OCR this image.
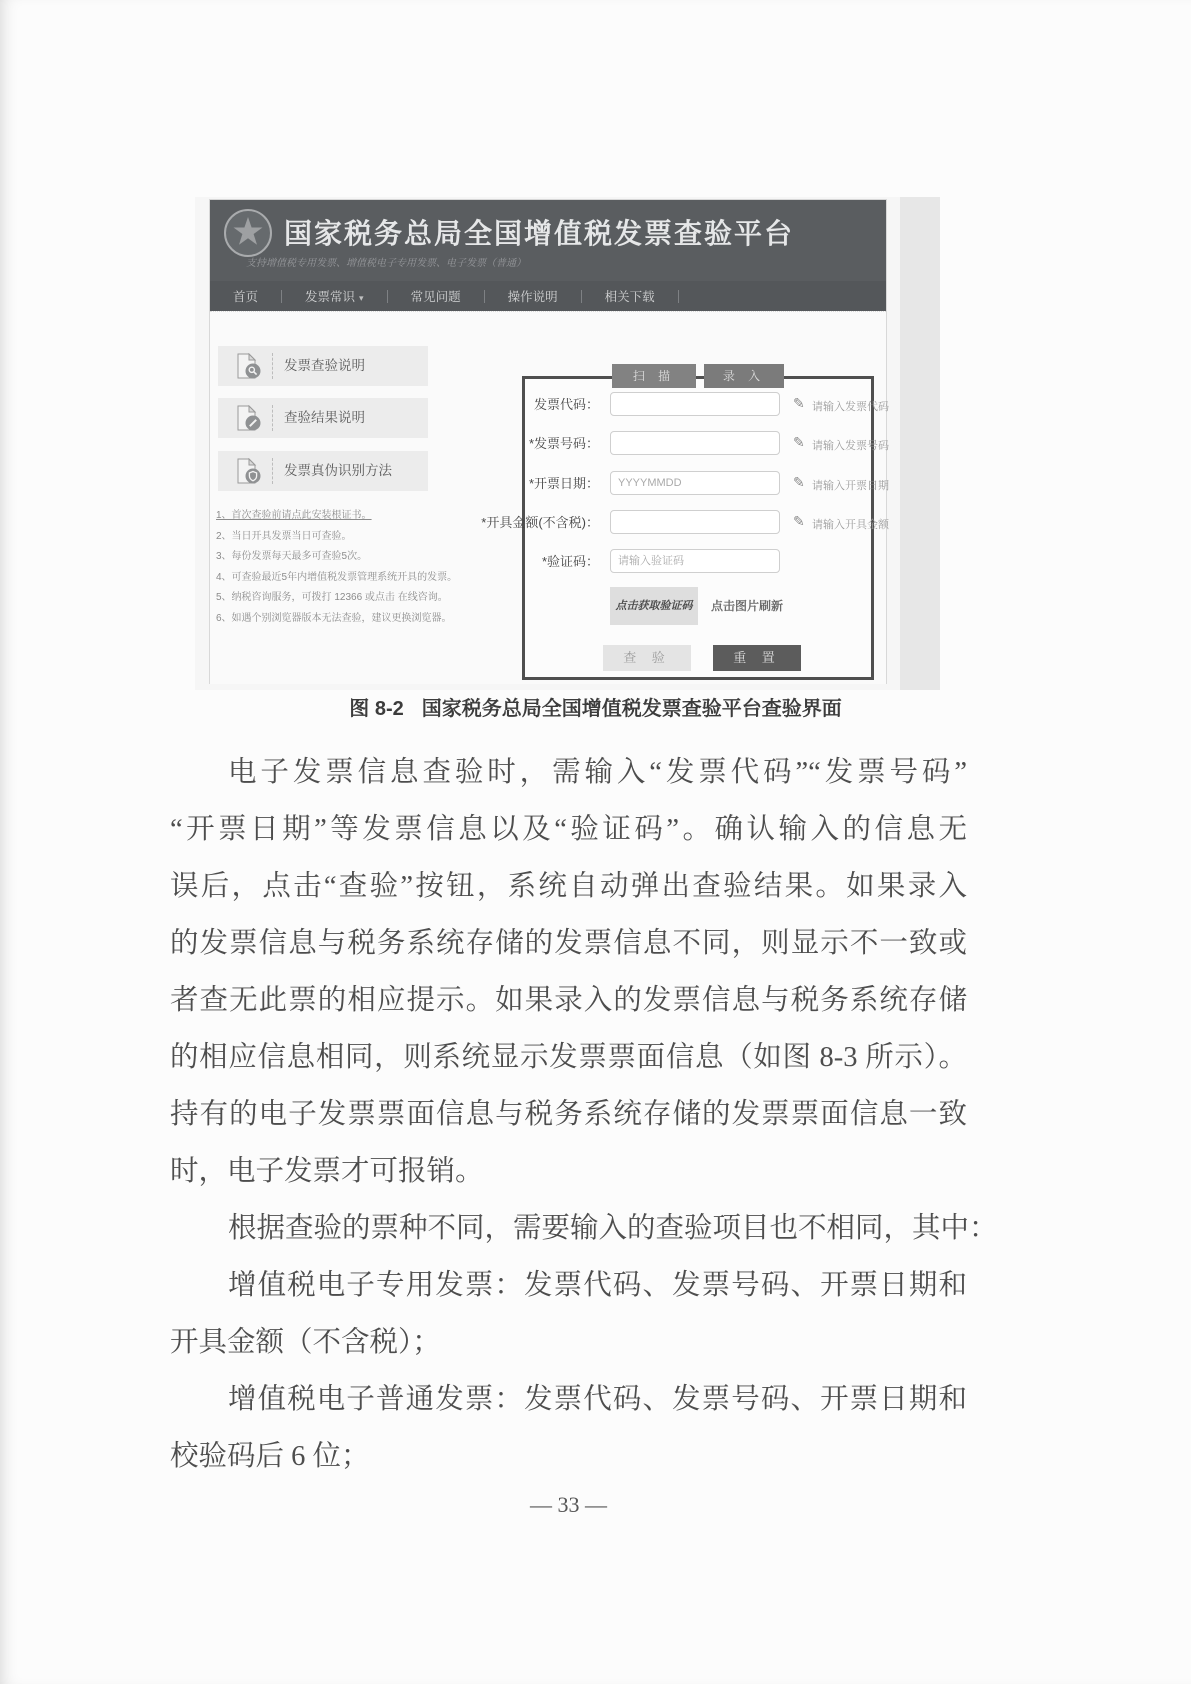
国家税务总局全国增值税发票查验平台
支持增值税专用发票、增值税电子专用发票、电子发票（普通）
首页	发票常识 ▾	常见问题	操作说明	相关下载
发票查验说明
查验结果说明
发票真伪识别方法
1、首次查验前请点此安装根证书。
2、当日开具发票当日可查验。
3、每份发票每天最多可查验5次。
4、可查验最近5年内增值税发票管理系统开具的发票。
5、纳税咨询服务，可拨打 12366 或点击 在线咨询。
6、如遇个别浏览器版本无法查验，建议更换浏览器。
扫 描	录 入
发票代码：	✎ 请输入发票代码
*发票号码：	✎ 请输入发票号码
*开票日期：
YYYYMMDD	✎ 请输入开票日期
*开具金额(不含税)：	✎ 请输入开具金额
*验证码：
请输入验证码
点击获取验证码	点击图片刷新
查 验	重 置
图 8-2 国家税务总局全国增值税发票查验平台查验界面
电子发票信息查验时，需输入“发票代码”“发票号码”
“开票日期”等发票信息以及“验证码”。确认输入的信息无
误后，点击“查验”按钮，系统自动弹出查验结果。如果录入
的发票信息与税务系统存储的发票信息不同，则显示不一致或
者查无此票的相应提示。如果录入的发票信息与税务系统存储
的相应信息相同，则系统显示发票票面信息（如图 8-3 所示）。
持有的电子发票票面信息与税务系统存储的发票票面信息一致
时，电子发票才可报销。
根据查验的票种不同，需要输入的查验项目也不相同，其中：
增值税电子专用发票：发票代码、发票号码、开票日期和
开具金额（不含税）；
增值税电子普通发票：发票代码、发票号码、开票日期和
校验码后 6 位；
— 33 —
